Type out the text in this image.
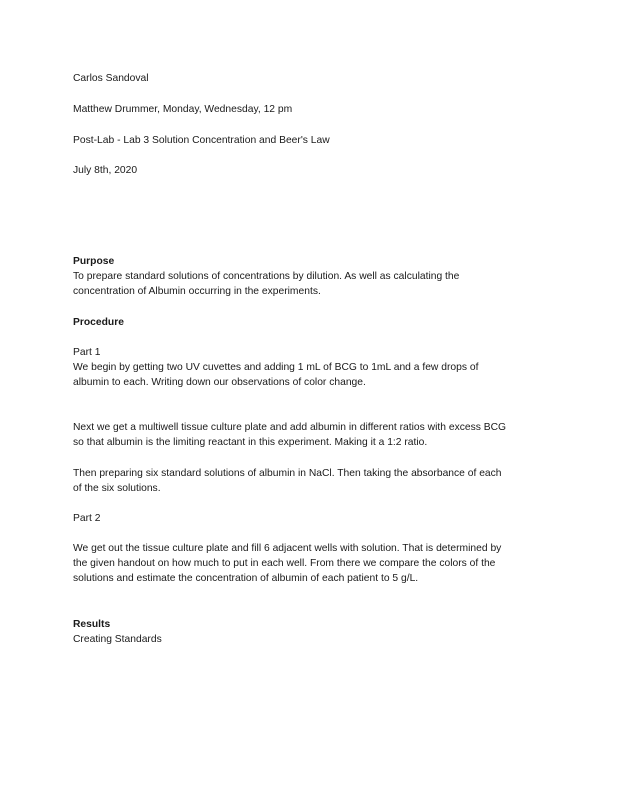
Carlos Sandoval
Matthew Drummer, Monday, Wednesday, 12 pm
Post-Lab - Lab 3 Solution Concentration and Beer's Law
July 8th, 2020
Purpose
To prepare standard solutions of concentrations by dilution. As well as calculating the
concentration of Albumin occurring in the experiments.
Procedure
Part 1
We begin by getting two UV cuvettes and adding 1 mL of BCG to 1mL and a few drops of
albumin to each. Writing down our observations of color change.
Next we get a multiwell tissue culture plate and add albumin in different ratios with excess BCG
so that albumin is the limiting reactant in this experiment. Making it a 1:2 ratio.
Then preparing six standard solutions of albumin in NaCl. Then taking the absorbance of each
of the six solutions.
Part 2
We get out the tissue culture plate and fill 6 adjacent wells with solution. That is determined by
the given handout on how much to put in each well. From there we compare the colors of the
solutions and estimate the concentration of albumin of each patient to 5 g/L.
Results
Creating Standards
